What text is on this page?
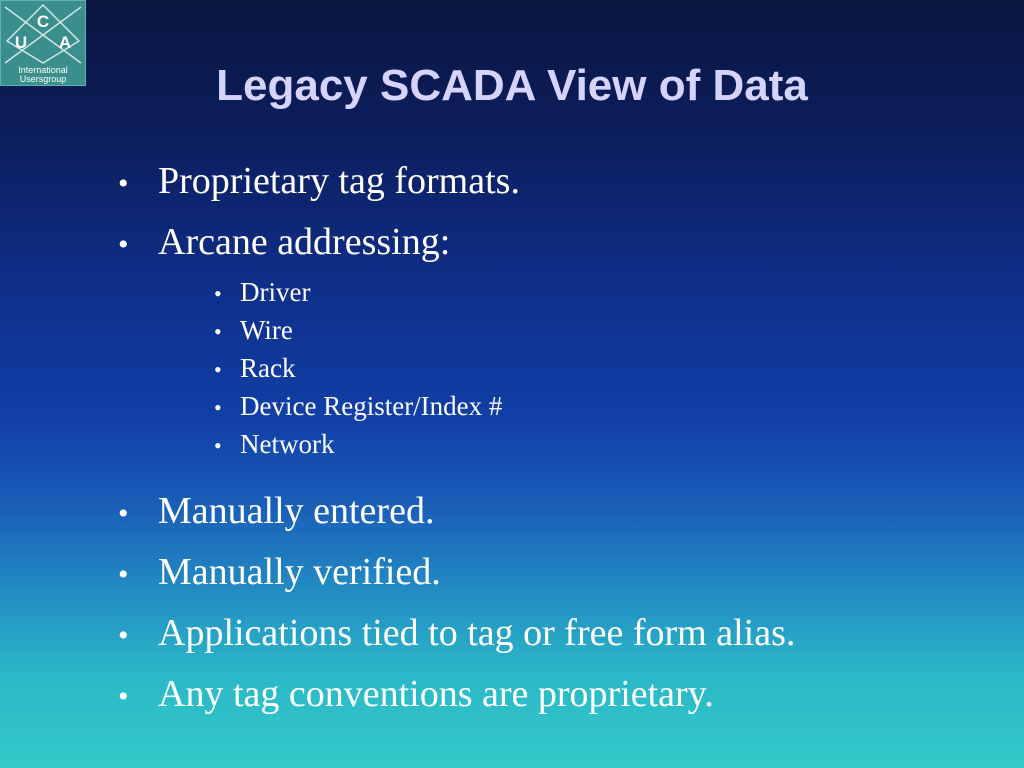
C
U A
International
Usersgroup	Legacy SCADA View of Data
• Proprietary tag formats.
• Arcane addressing:
• Driver
• Wire
• Rack
• Device Register/Index #
• Network
• Manually entered.
• Manually verified.
• Applications tied to tag or free form alias.
• Any tag conventions are proprietary.
